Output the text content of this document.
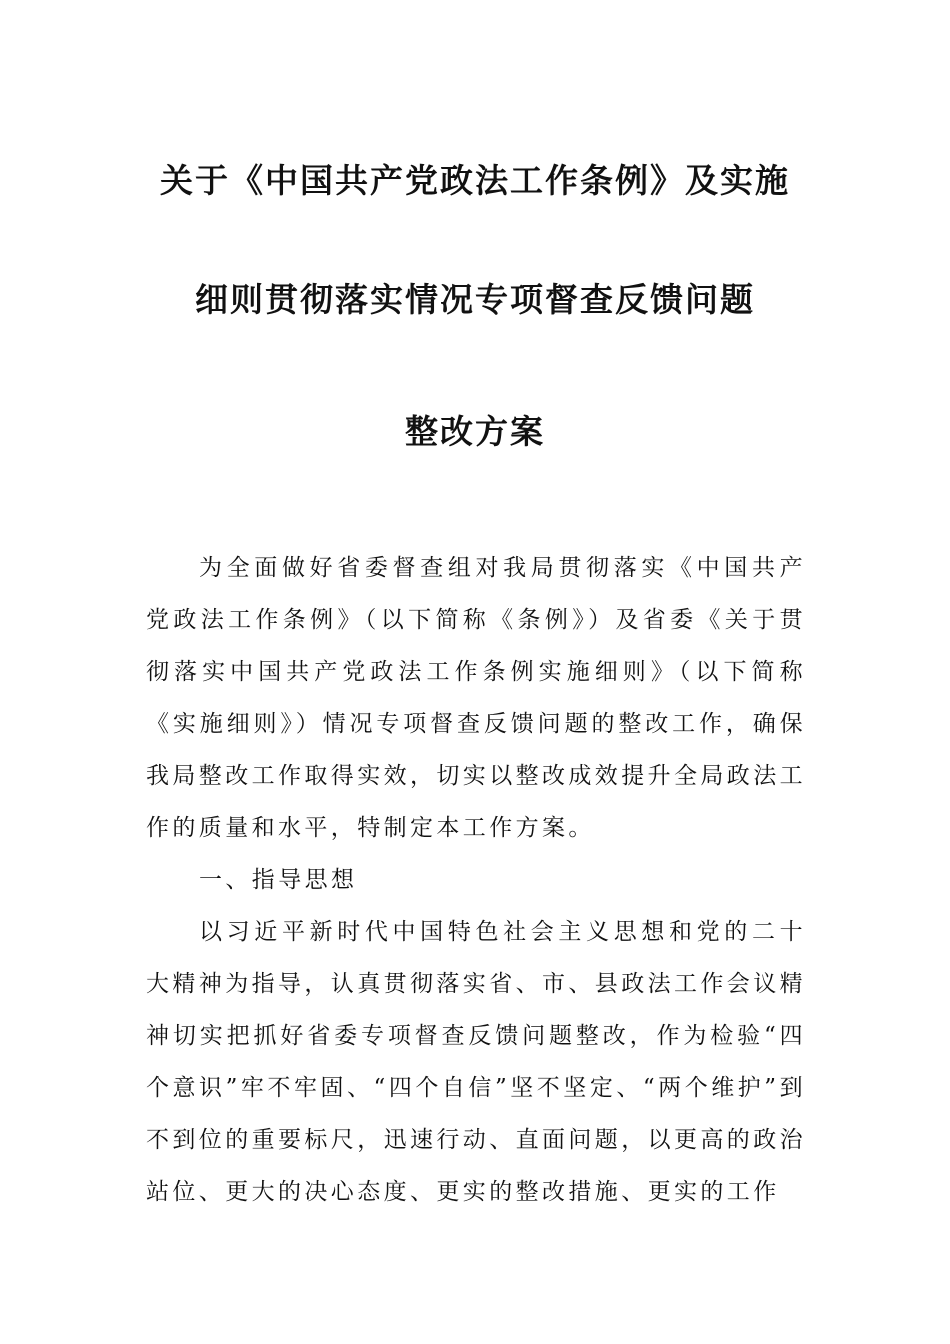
关于《中国共产党政法工作条例》及实施
细则贯彻落实情况专项督查反馈问题
整改方案

为全面做好省委督查组对我局贯彻落实《中国共产党政法工作条例》（以下简称《条例》）及省委《关于贯彻落实中国共产党政法工作条例实施细则》（以下简称《实施细则》）情况专项督查反馈问题的整改工作，确保我局整改工作取得实效，切实以整改成效提升全局政法工作的质量和水平，特制定本工作方案。

一、指导思想

以习近平新时代中国特色社会主义思想和党的二十大精神为指导，认真贯彻落实省、市、县政法工作会议精神切实把抓好省委专项督查反馈问题整改，作为检验“四个意识”牢不牢固、“四个自信”坚不坚定、“两个维护”到不到位的重要标尺，迅速行动、直面问题，以更高的政治站位、更大的决心态度、更实的整改措施、更实的工作
